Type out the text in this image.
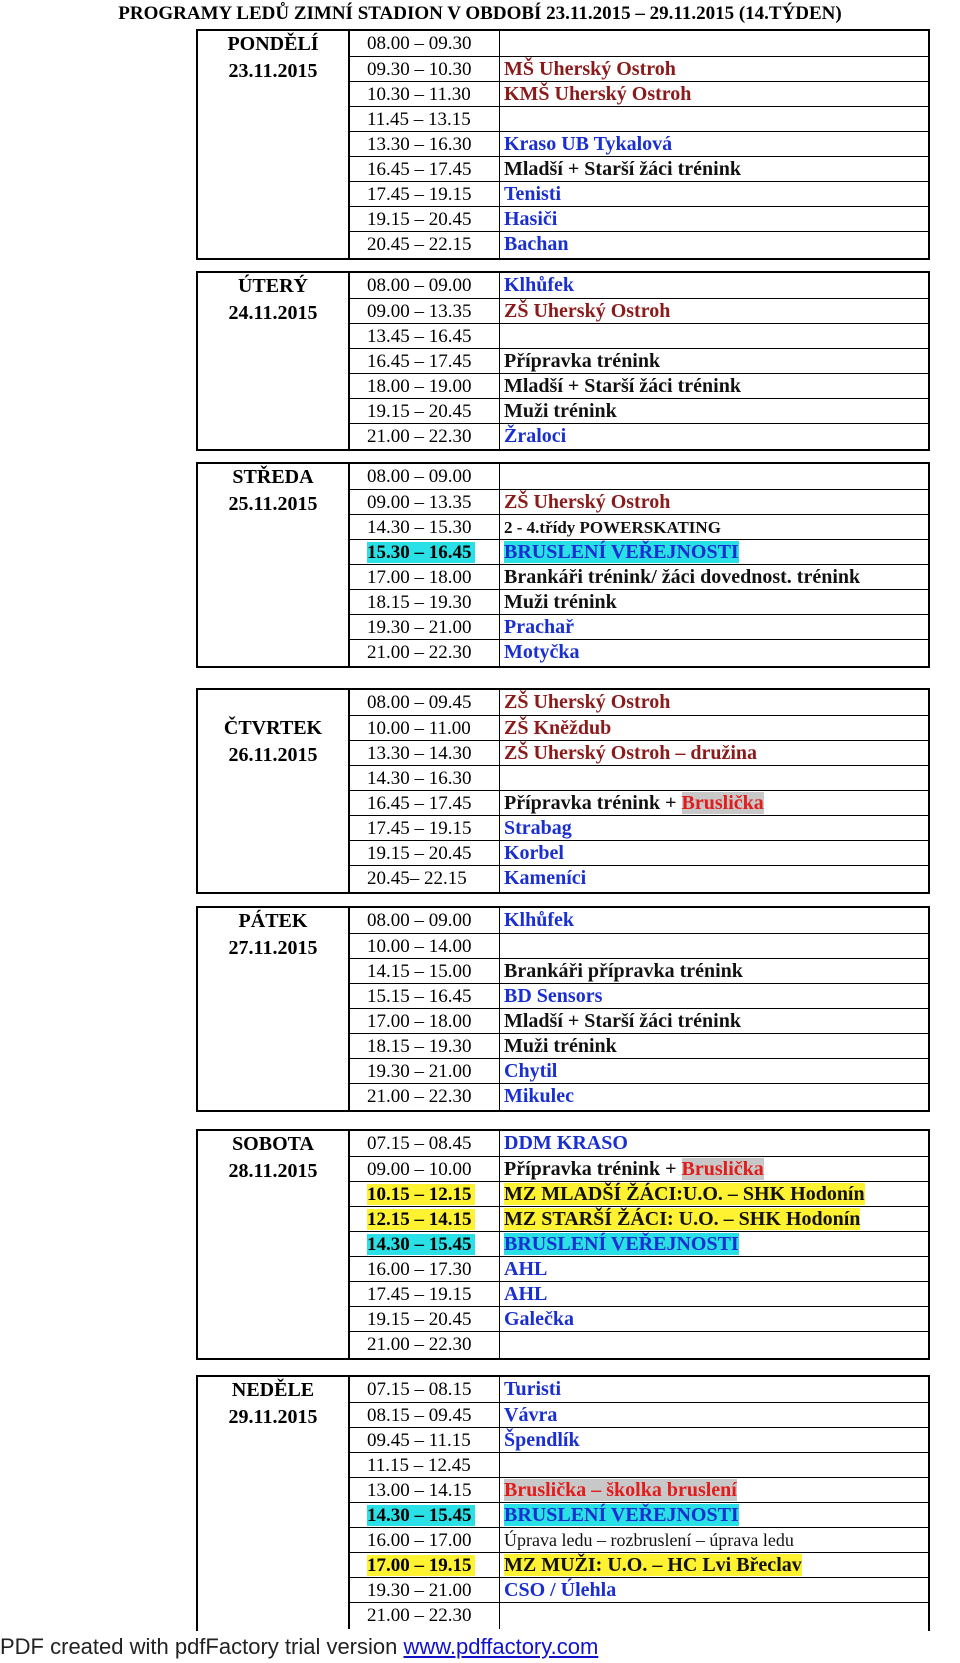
PROGRAMY LEDŮ ZIMNÍ STADION V OBDOBÍ 23.11.2015 – 29.11.2015 (14.TÝDEN)
PONDĚLÍ
23.11.2015
08.00 – 09.30
09.30 – 10.30	MŠ Uherský Ostroh
10.30 – 11.30	KMŠ Uherský Ostroh
11.45 – 13.15
13.30 – 16.30	Kraso UB Tykalová
16.45 – 17.45	Mladší + Starší žáci trénink
17.45 – 19.15	Tenisti
19.15 – 20.45	Hasiči
20.45 – 22.15	Bachan
ÚTERÝ
24.11.2015
08.00 – 09.00	Klhůfek
09.00 – 13.35	ZŠ Uherský Ostroh
13.45 – 16.45
16.45 – 17.45	Přípravka trénink
18.00 – 19.00	Mladší + Starší žáci trénink
19.15 – 20.45	Muži trénink
21.00 – 22.30	Žraloci
STŘEDA
25.11.2015
08.00 – 09.00
09.00 – 13.35	ZŠ Uherský Ostroh
14.30 – 15.30	2 - 4.třídy POWERSKATING
15.30 – 16.45	BRUSLENÍ VEŘEJNOSTI
17.00 – 18.00	Brankáři trénink/ žáci dovednost. trénink
18.15 – 19.30	Muži trénink
19.30 – 21.00	Prachař
21.00 – 22.30	Motyčka
ČTVRTEK
26.11.2015
08.00 – 09.45	ZŠ Uherský Ostroh
10.00 – 11.00	ZŠ Kněždub
13.30 – 14.30	ZŠ Uherský Ostroh – družina
14.30 – 16.30
16.45 – 17.45	Přípravka trénink + Bruslička
17.45 – 19.15	Strabag
19.15 – 20.45	Korbel
20.45– 22.15	Kameníci
PÁTEK
27.11.2015
08.00 – 09.00	Klhůfek
10.00 – 14.00
14.15 – 15.00	Brankáři přípravka trénink
15.15 – 16.45	BD Sensors
17.00 – 18.00	Mladší + Starší žáci trénink
18.15 – 19.30	Muži trénink
19.30 – 21.00	Chytil
21.00 – 22.30	Mikulec
SOBOTA
28.11.2015
07.15 – 08.45	DDM KRASO
09.00 – 10.00	Přípravka trénink + Bruslička
10.15 – 12.15	MZ MLADŠÍ ŽÁCI:U.O. – SHK Hodonín
12.15 – 14.15	MZ STARŠÍ ŽÁCI: U.O. – SHK Hodonín
14.30 – 15.45	BRUSLENÍ VEŘEJNOSTI
16.00 – 17.30	AHL
17.45 – 19.15	AHL
19.15 – 20.45	Galečka
21.00 – 22.30
NEDĚLE
29.11.2015
07.15 – 08.15	Turisti
08.15 – 09.45	Vávra
09.45 – 11.15	Špendlík
11.15 – 12.45
13.00 – 14.15	Bruslička – školka bruslení
14.30 – 15.45	BRUSLENÍ VEŘEJNOSTI
16.00 – 17.00	Úprava ledu – rozbruslení – úprava ledu
17.00 – 19.15	MZ MUŽI: U.O. – HC Lvi Břeclav
19.30 – 21.00	CSO / Úlehla
21.00 – 22.30
PDF created with pdfFactory trial version www.pdffactory.com
